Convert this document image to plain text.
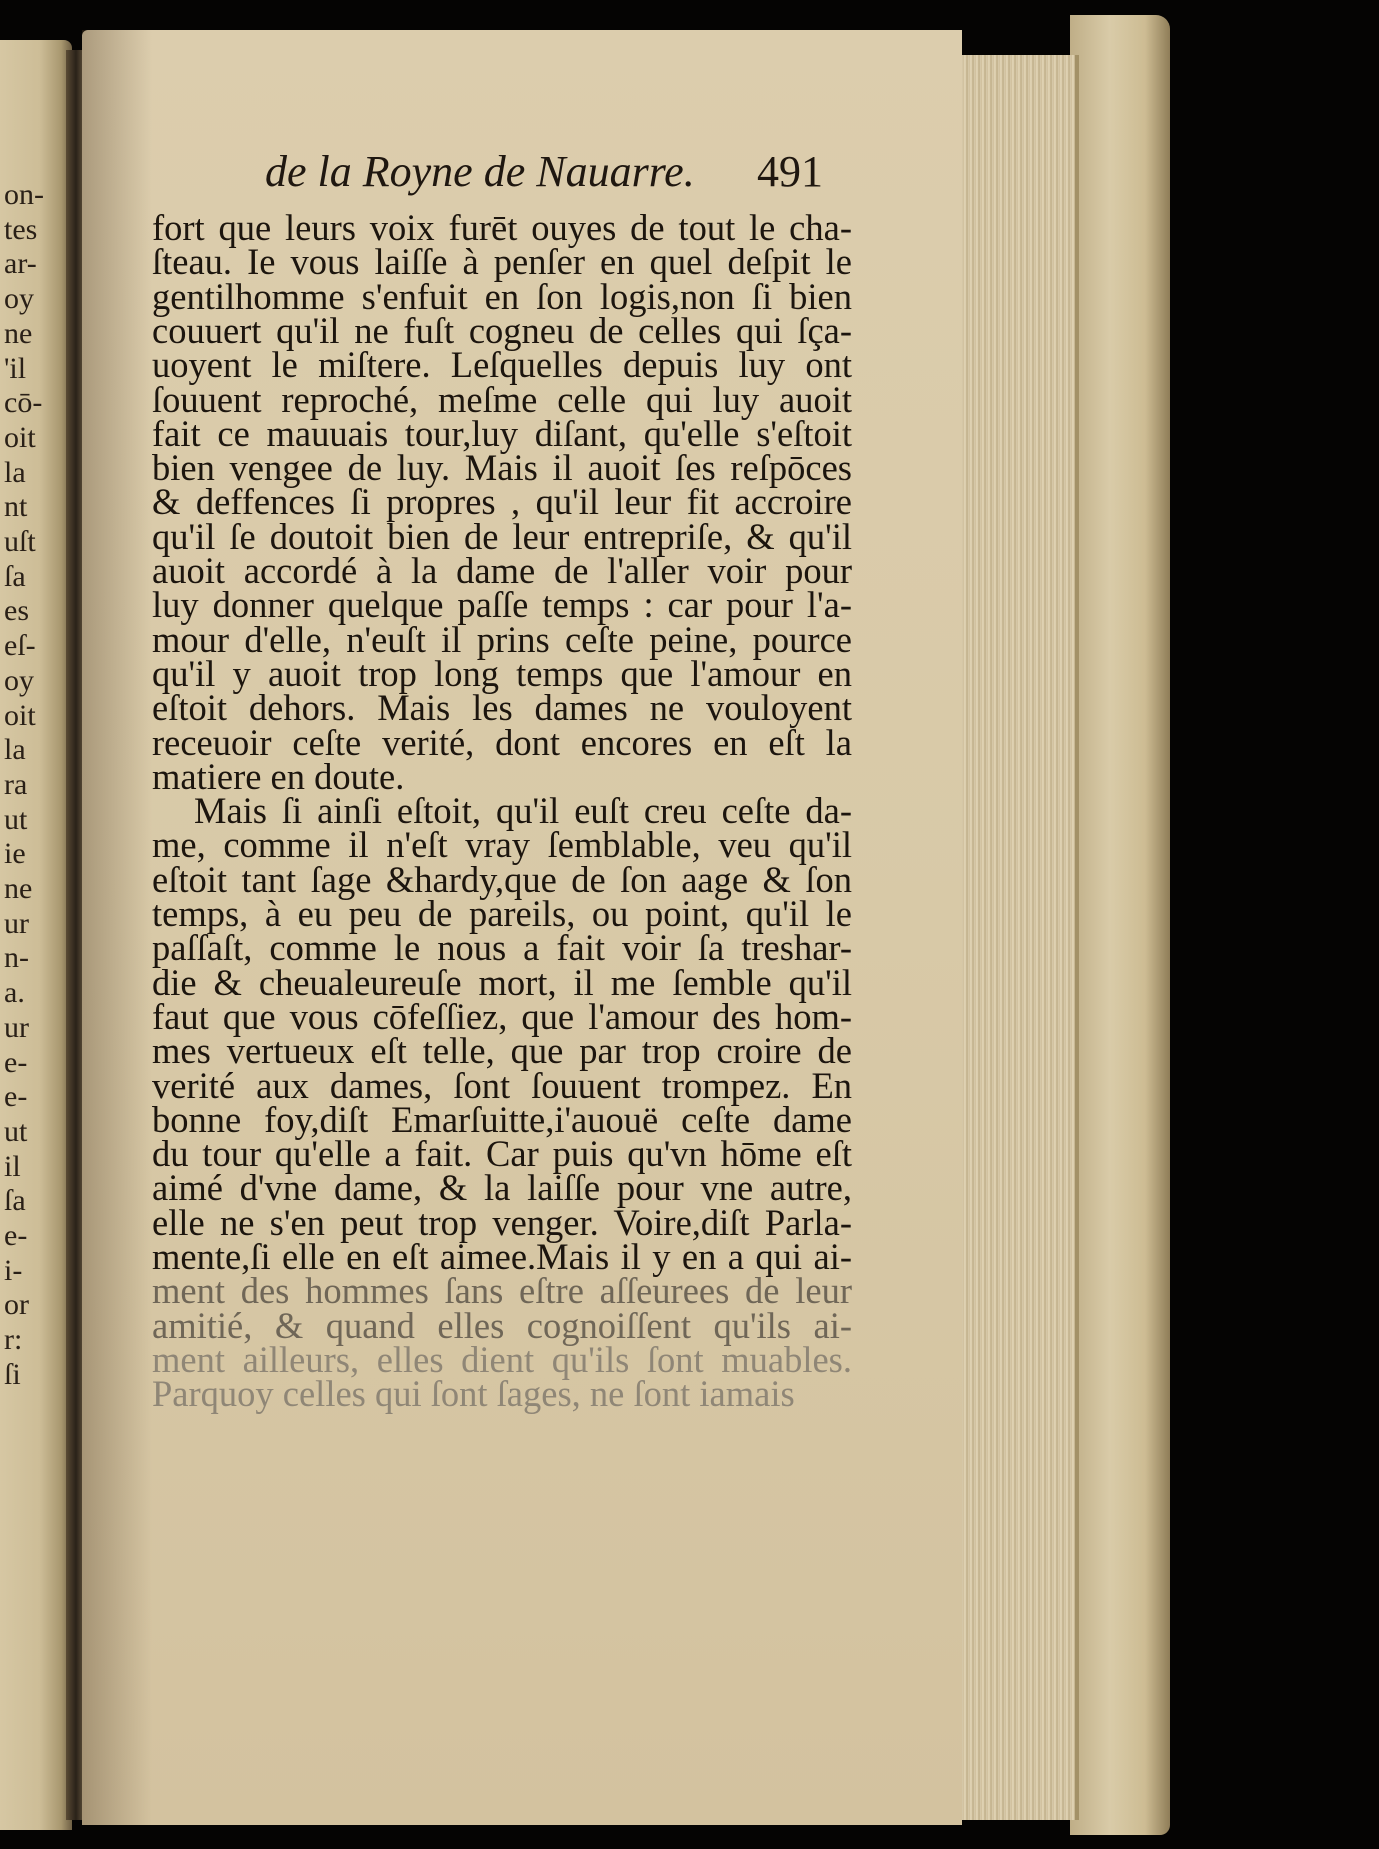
on-
tes
ar-
oy
ne
'il
cō-
oit
la
nt
uſt
ſa
es
eſ-
oy
oit
la
ra
ut
ie
ne
ur
n-
a.
ur
e-
e-
ut
il
ſa
e-
i-
or
r:
ſi
de la Royne de Nauarre. 491
fort que leurs voix furēt ouyes de tout le cha-
ſteau. Ie vous laiſſe à penſer en quel deſpit le
gentilhomme s'enfuit en ſon logis,non ſi bien
couuert qu'il ne fuſt cogneu de celles qui ſça-
uoyent le miſtere. Leſquelles depuis luy ont
ſouuent reproché, meſme celle qui luy auoit
fait ce mauuais tour,luy diſant, qu'elle s'eſtoit
bien vengee de luy. Mais il auoit ſes reſpōces
& deffences ſi propres , qu'il leur fit accroire
qu'il ſe doutoit bien de leur entrepriſe, & qu'il
auoit accordé à la dame de l'aller voir pour
luy donner quelque paſſe temps : car pour l'a-
mour d'elle, n'euſt il prins ceſte peine, pource
qu'il y auoit trop long temps que l'amour en
eſtoit dehors. Mais les dames ne vouloyent
receuoir ceſte verité, dont encores en eſt la
matiere en doute.
Mais ſi ainſi eſtoit, qu'il euſt creu ceſte da-
me, comme il n'eſt vray ſemblable, veu qu'il
eſtoit tant ſage &hardy,que de ſon aage & ſon
temps, à eu peu de pareils, ou point, qu'il le
paſſaſt, comme le nous a fait voir ſa treshar-
die & cheualeureuſe mort, il me ſemble qu'il
faut que vous cōfeſſiez, que l'amour des hom-
mes vertueux eſt telle, que par trop croire de
verité aux dames, ſont ſouuent trompez. En
bonne foy,diſt Emarſuitte,i'auouë ceſte dame
du tour qu'elle a fait. Car puis qu'vn hōme eſt
aimé d'vne dame, & la laiſſe pour vne autre,
elle ne s'en peut trop venger. Voire,diſt Parla-
mente,ſi elle en eſt aimee.Mais il y en a qui ai-
ment des hommes ſans eſtre aſſeurees de leur
amitié, & quand elles cognoiſſent qu'ils ai-
ment ailleurs, elles dient qu'ils ſont muables.
Parquoy celles qui ſont ſages, ne ſont iamais
